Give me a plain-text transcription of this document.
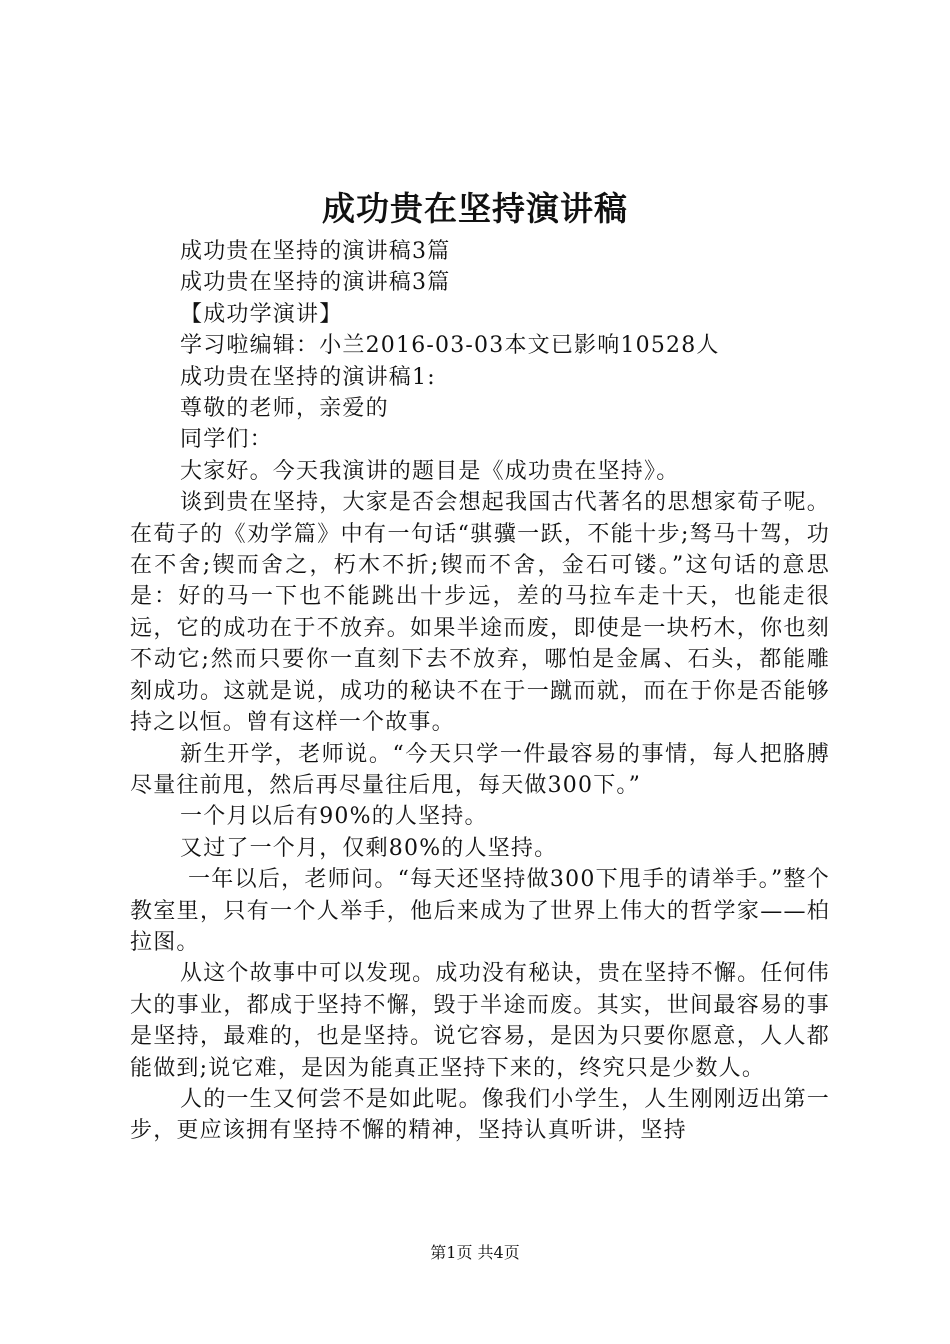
成功贵在坚持演讲稿

成功贵在坚持的演讲稿3篇

成功贵在坚持的演讲稿3篇

【成功学演讲】

学习啦编辑：小兰2016-03-03本文已影响10528人

成功贵在坚持的演讲稿1:

尊敬的老师，亲爱的

同学们：

大家好。今天我演讲的题目是《成功贵在坚持》。

谈到贵在坚持，大家是否会想起我国古代著名的思想家荀子呢。在荀子的《劝学篇》中有一句话“骐骥一跃，不能十步;驽马十驾，功在不舍;锲而舍之，朽木不折;锲而不舍，金石可镂。”这句话的意思是：好的马一下也不能跳出十步远，差的马拉车走十天，也能走很远，它的成功在于不放弃。如果半途而废，即使是一块朽木，你也刻不动它;然而只要你一直刻下去不放弃，哪怕是金属、石头，都能雕刻成功。这就是说，成功的秘诀不在于一蹴而就，而在于你是否能够持之以恒。曾有这样一个故事。

新生开学，老师说。“今天只学一件最容易的事情，每人把胳膊尽量往前甩，然后再尽量往后甩，每天做300下。”

一个月以后有90%的人坚持。

又过了一个月，仅剩80%的人坚持。

一年以后，老师问。“每天还坚持做300下甩手的请举手。”整个教室里，只有一个人举手，他后来成为了世界上伟大的哲学家——柏拉图。

从这个故事中可以发现。成功没有秘诀，贵在坚持不懈。任何伟大的事业，都成于坚持不懈，毁于半途而废。其实，世间最容易的事是坚持，最难的，也是坚持。说它容易，是因为只要你愿意，人人都能做到;说它难，是因为能真正坚持下来的，终究只是少数人。

人的一生又何尝不是如此呢。像我们小学生，人生刚刚迈出第一步，更应该拥有坚持不懈的精神，坚持认真听讲，坚持

第1页 共4页
